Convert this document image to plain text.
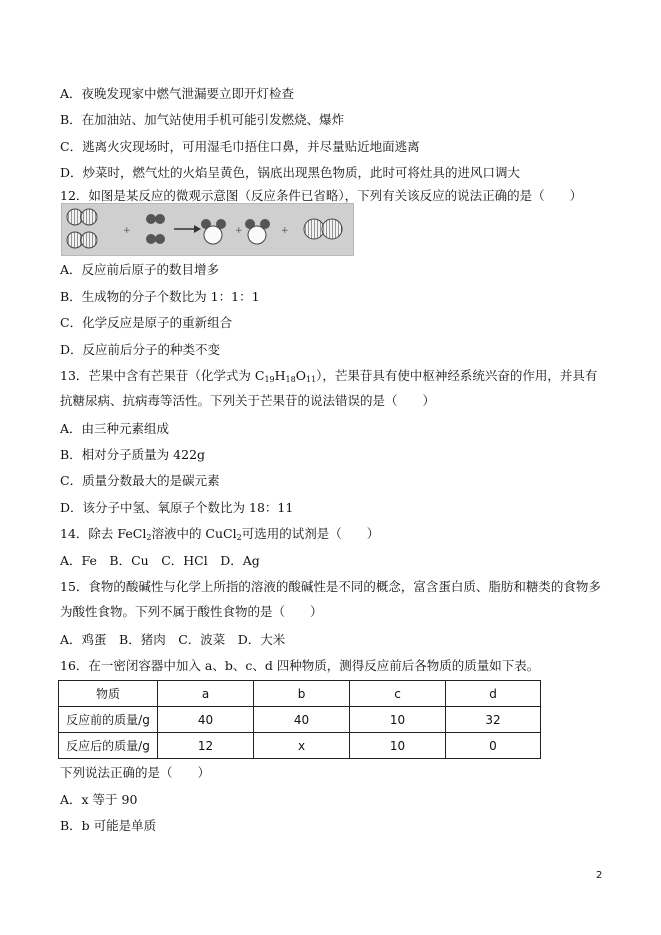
A．夜晚发现家中燃气泄漏要立即开灯检查
B．在加油站、加气站使用手机可能引发燃烧、爆炸
C．逃离火灾现场时，可用湿毛巾捂住口鼻，并尽量贴近地面逃离
D．炒菜时，燃气灶的火焰呈黄色，锅底出现黑色物质，此时可将灶具的进风口调大
12．如图是某反应的微观示意图（反应条件已省略），下列有关该反应的说法正确的是（　　）
+	+	+
A．反应前后原子的数目增多
B．生成物的分子个数比为 1：1：1
C．化学反应是原子的重新组合
D．反应前后分子的种类不变
13．芒果中含有芒果苷（化学式为 $C_{19}H_{18}O_{11}$），芒果苷具有使中枢神经系统兴奋的作用，并具有抗糖尿病、抗病毒等活性。下列关于芒果苷的说法错误的是（　　）
A．由三种元素组成
B．相对分子质量为 422g
C．质量分数最大的是碳元素
D．该分子中氢、氧原子个数比为 18：11
14．除去 FeCl$_2$溶液中的 CuCl$_2$可选用的试剂是（　　）
A．Fe　B．Cu　C．HCl　D．Ag
15．食物的酸碱性与化学上所指的溶液的酸碱性是不同的概念，富含蛋白质、脂肪和糖类的食物多为酸性食物。下列不属于酸性食物的是（　　）
A．鸡蛋　B．猪肉　C．波菜　D．大米
16．在一密闭容器中加入 a、b、c、d 四种物质，测得反应前后各物质的质量如下表。
物质	a	b	c	d
反应前的质量/g	40	40	10	32
反应后的质量/g	12	x	10	0
下列说法正确的是（　　）
A．x 等于 90
B．b 可能是单质
2
